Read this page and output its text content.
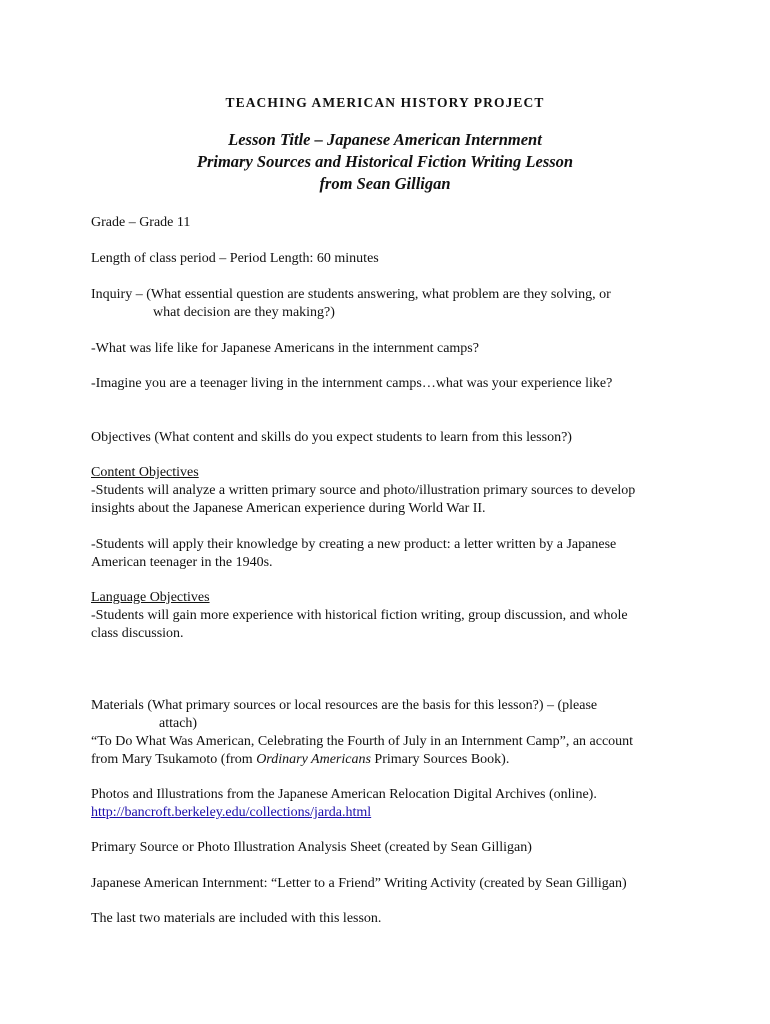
TEACHING AMERICAN HISTORY PROJECT
Lesson Title – Japanese American Internment
Primary Sources and Historical Fiction Writing Lesson
from Sean Gilligan
Grade – Grade 11
Length of class period – Period Length: 60 minutes
Inquiry – (What essential question are students answering, what problem are they solving, or
what decision are they making?)
-What was life like for Japanese Americans in the internment camps?
-Imagine you are a teenager living in the internment camps…what was your experience like?
Objectives (What content and skills do you expect students to learn from this lesson?)
Content Objectives
-Students will analyze a written primary source and photo/illustration primary sources to develop
insights about the Japanese American experience during World War II.
-Students will apply their knowledge by creating a new product: a letter written by a Japanese
American teenager in the 1940s.
Language Objectives
-Students will gain more experience with historical fiction writing, group discussion, and whole
class discussion.
Materials (What primary sources or local resources are the basis for this lesson?) – (please
attach)
“To Do What Was American, Celebrating the Fourth of July in an Internment Camp”, an account
from Mary Tsukamoto (from Ordinary Americans Primary Sources Book).
Photos and Illustrations from the Japanese American Relocation Digital Archives (online).
http://bancroft.berkeley.edu/collections/jarda.html
Primary Source or Photo Illustration Analysis Sheet (created by Sean Gilligan)
Japanese American Internment: “Letter to a Friend” Writing Activity (created by Sean Gilligan)
The last two materials are included with this lesson.
